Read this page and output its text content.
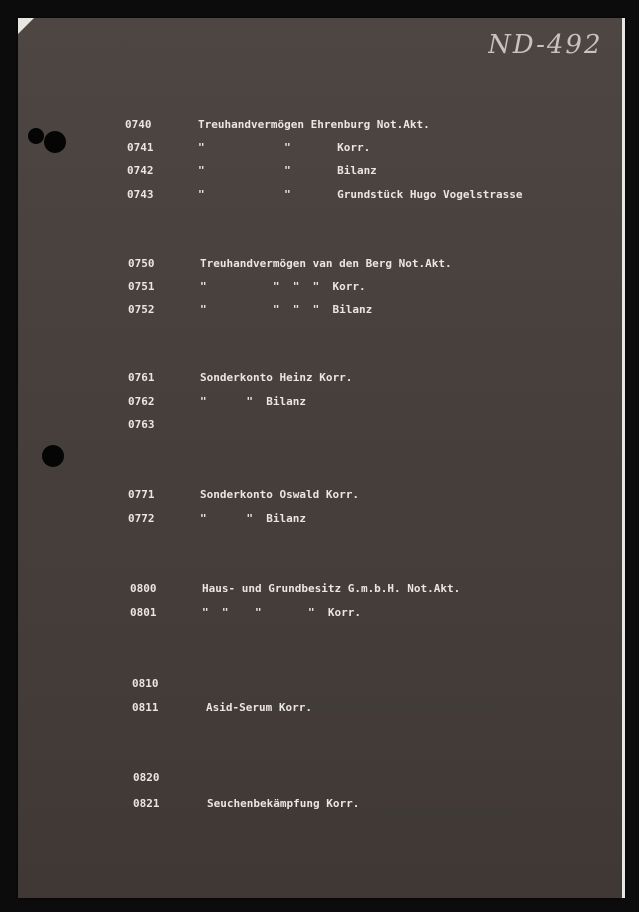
ND-492
0740	Treuhandvermögen Ehrenburg Not.Akt.
0741	"            "       Korr.
0742	"            "       Bilanz
0743	"            "       Grundstück Hugo Vogelstrasse
0750	Treuhandvermögen van den Berg Not.Akt.
0751	"          "  "  "  Korr.
0752	"          "  "  "  Bilanz
0761	Sonderkonto Heinz Korr.
0762	"      "  Bilanz
0763
0771	Sonderkonto Oswald Korr.
0772	"      "  Bilanz
0800	Haus- und Grundbesitz G.m.b.H. Not.Akt.
0801	"  "    "       "  Korr.
0810
0811	Asid-Serum Korr.
0820
0821	Seuchenbekämpfung Korr.
